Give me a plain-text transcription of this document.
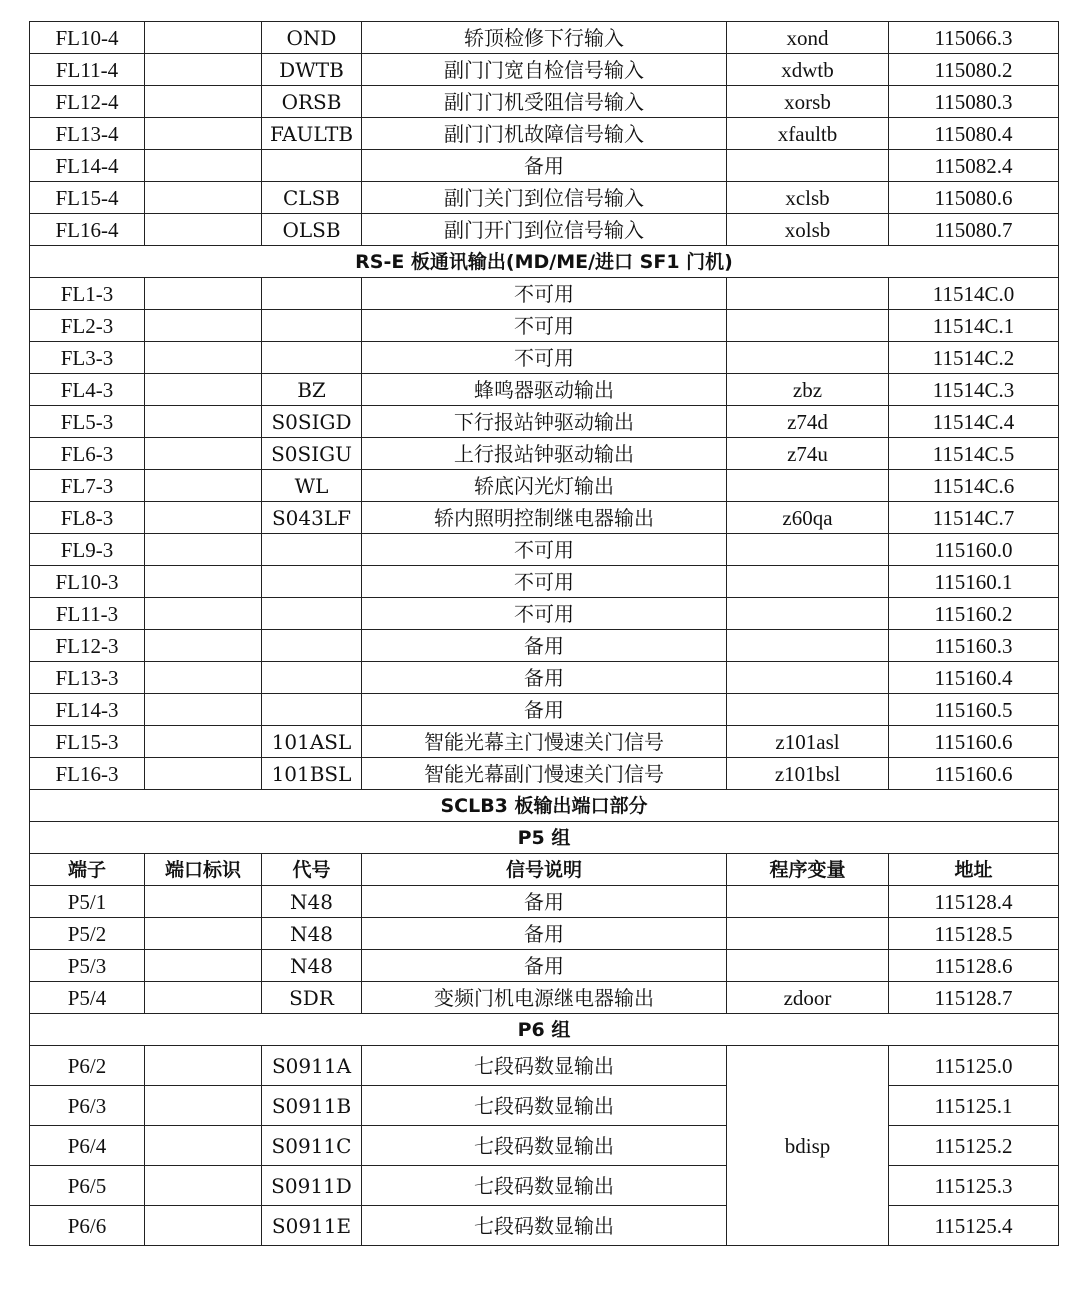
FL10-4		OND	轿顶检修下行输入	xond	115066.3
FL11-4		DWTB	副门门宽自检信号输入	xdwtb	115080.2
FL12-4		ORSB	副门门机受阻信号输入	xorsb	115080.3
FL13-4		FAULTB	副门门机故障信号输入	xfaultb	115080.4
FL14-4			备用		115082.4
FL15-4		CLSB	副门关门到位信号输入	xclsb	115080.6
FL16-4		OLSB	副门开门到位信号输入	xolsb	115080.7
RS-E 板通讯输出(MD/ME/进口 SF1 门机)					
FL1-3			不可用		11514C.0
FL2-3			不可用		11514C.1
FL3-3			不可用		11514C.2
FL4-3		BZ	蜂鸣器驱动输出	zbz	11514C.3
FL5-3		S0SIGD	下行报站钟驱动输出	z74d	11514C.4
FL6-3		S0SIGU	上行报站钟驱动输出	z74u	11514C.5
FL7-3		WL	轿底闪光灯输出		11514C.6
FL8-3		S043LF	轿内照明控制继电器输出	z60qa	11514C.7
FL9-3			不可用		115160.0
FL10-3			不可用		115160.1
FL11-3			不可用		115160.2
FL12-3			备用		115160.3
FL13-3			备用		115160.4
FL14-3			备用		115160.5
FL15-3		101ASL	智能光幕主门慢速关门信号	z101asl	115160.6
FL16-3		101BSL	智能光幕副门慢速关门信号	z101bsl	115160.6
SCLB3 板输出端口部分					
P5 组					
端子	端口标识	代号	信号说明	程序变量	地址
P5/1		N48	备用		115128.4
P5/2		N48	备用		115128.5
P5/3		N48	备用		115128.6
P5/4		SDR	变频门机电源继电器输出	zdoor	115128.7
P6 组					
P6/2		S0911A	七段码数显输出	bdisp	115125.0
P6/3		S0911B	七段码数显输出		115125.1
P6/4		S0911C	七段码数显输出		115125.2
P6/5		S0911D	七段码数显输出		115125.3
P6/6		S0911E	七段码数显输出		115125.4
